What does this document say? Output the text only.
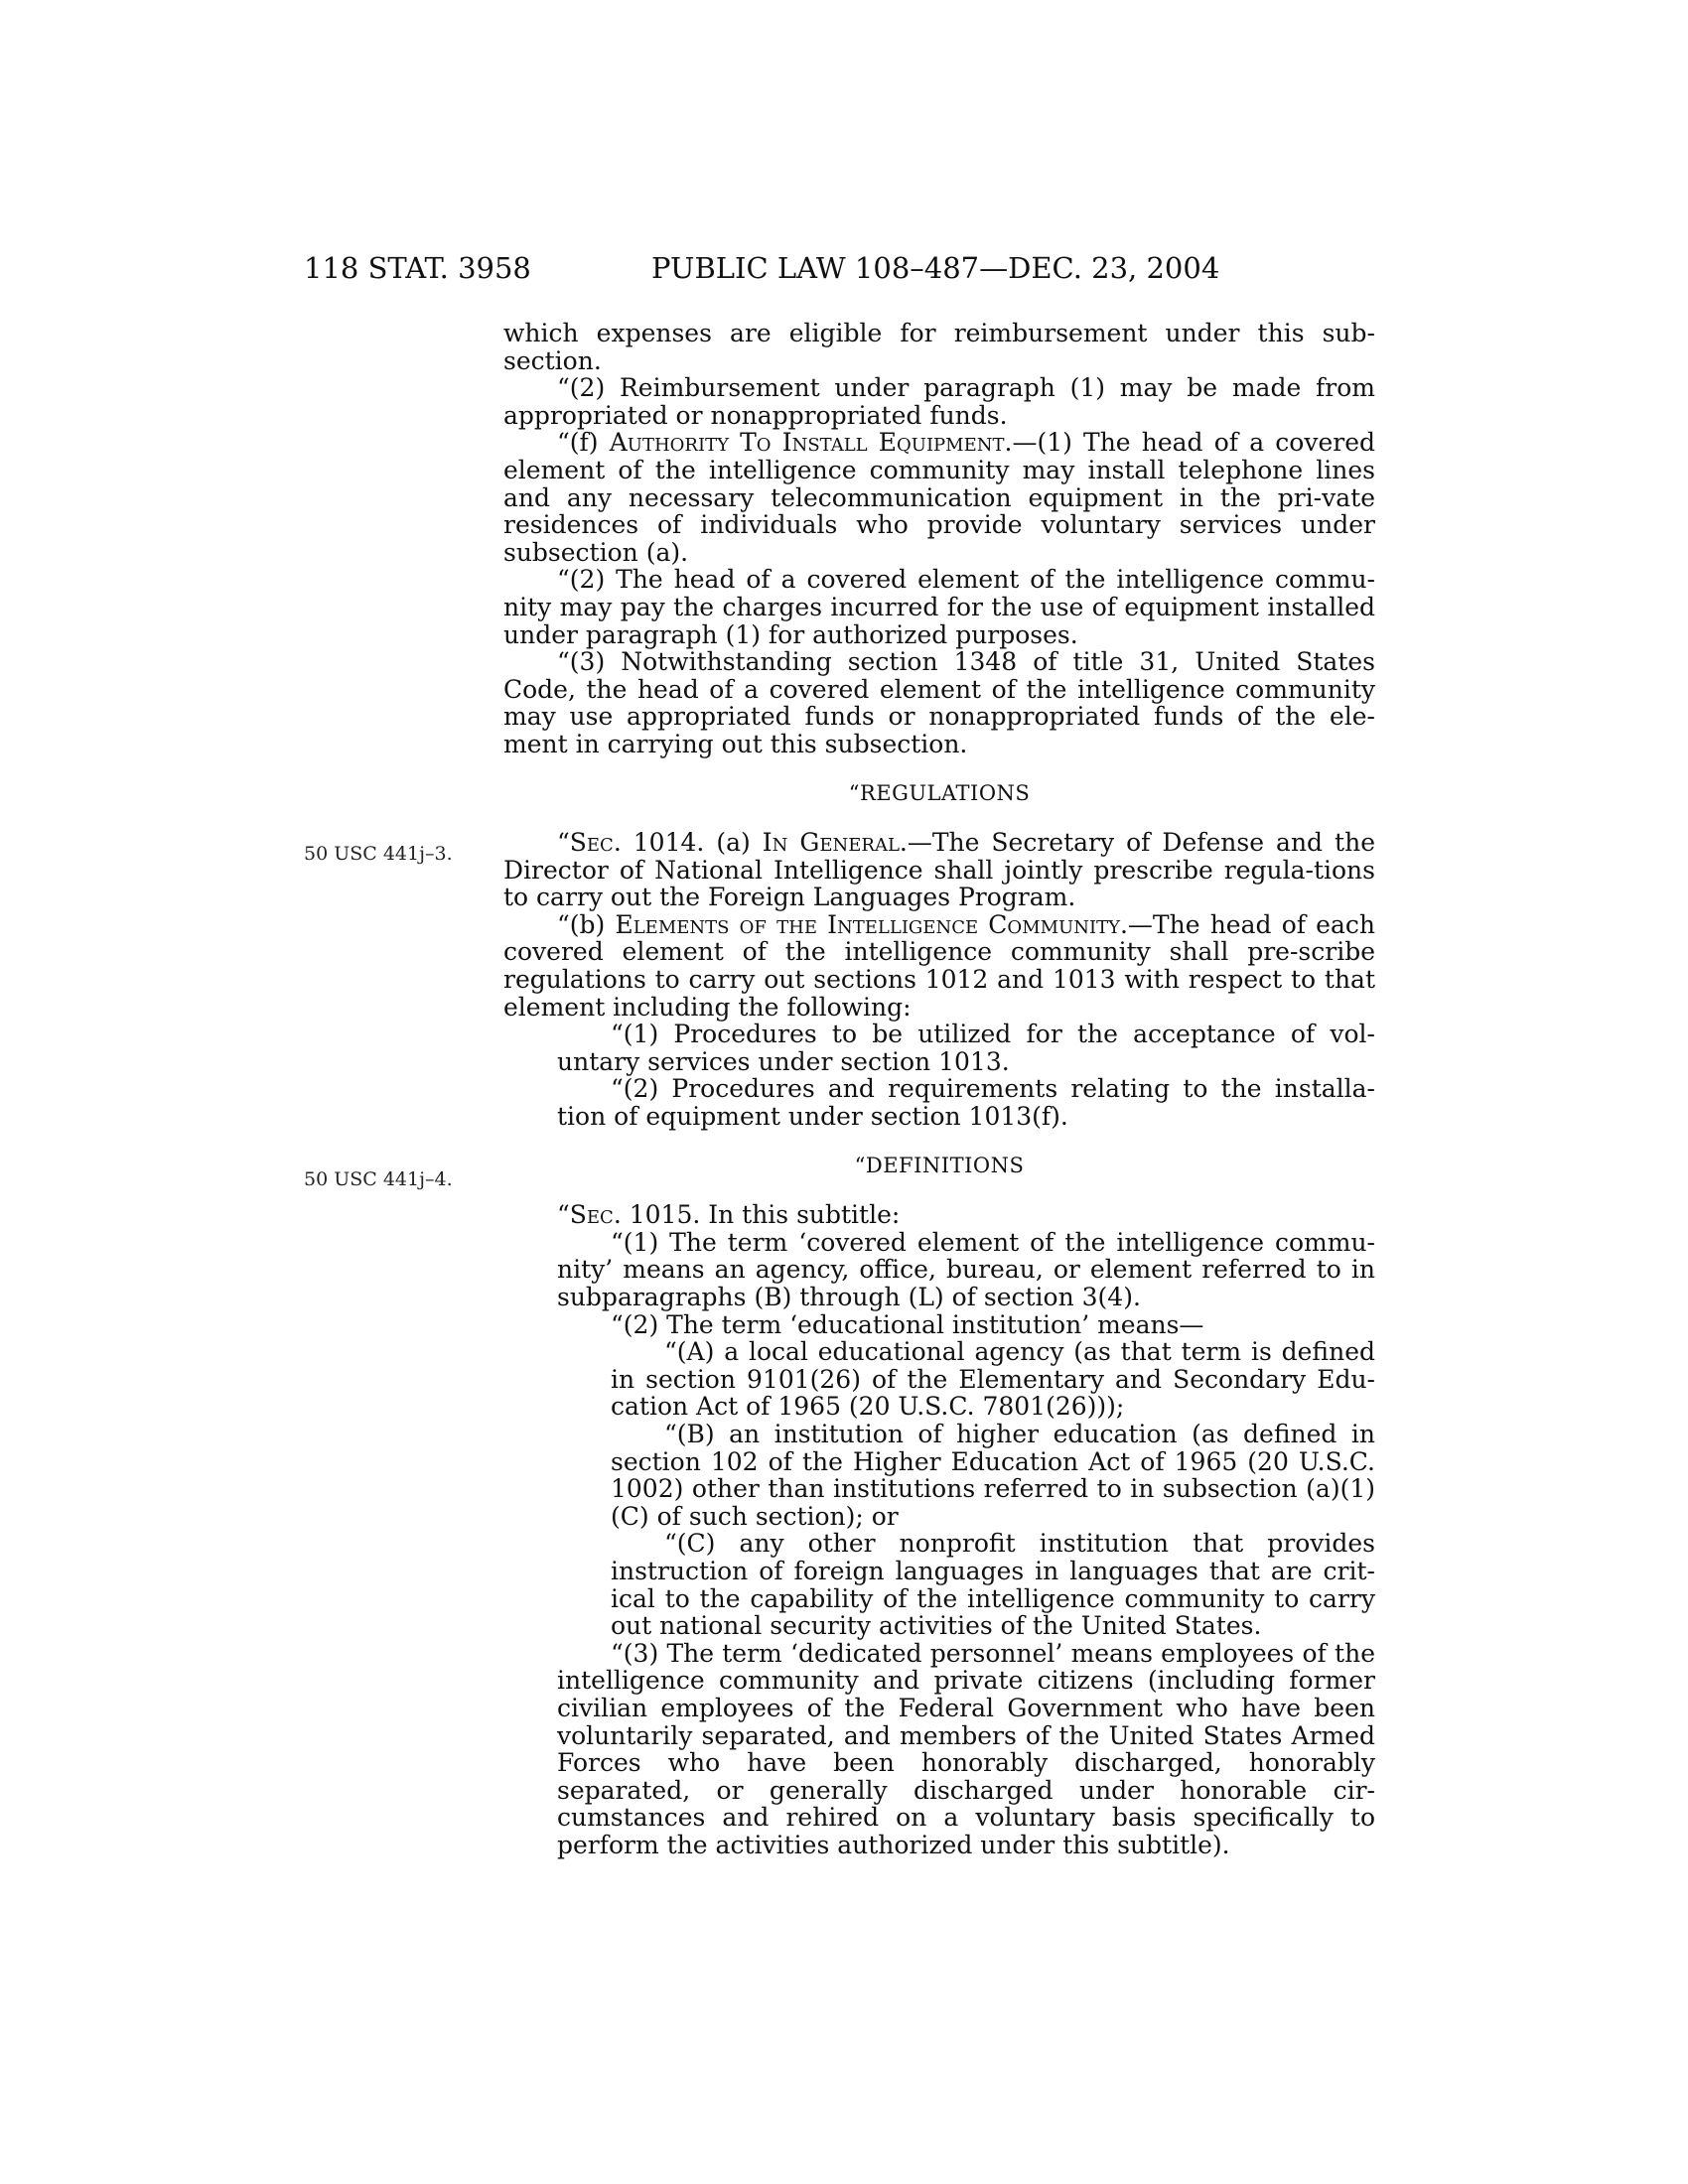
118 STAT. 3958	PUBLIC LAW 108–487—DEC. 23, 2004
50 USC 441j–3.
50 USC 441j–4.

which expenses are eligible for reimbursement under this sub-section.

“(2) Reimbursement under paragraph (1) may be made from appropriated or nonappropriated funds.

“(f) Authority To Install Equipment.—(1) The head of a covered element of the intelligence community may install telephone lines and any necessary telecommunication equipment in the pri-vate residences of individuals who provide voluntary services under subsection (a).

“(2) The head of a covered element of the intelligence commu-nity may pay the charges incurred for the use of equipment installed under paragraph (1) for authorized purposes.

“(3) Notwithstanding section 1348 of title 31, United States Code, the head of a covered element of the intelligence community may use appropriated funds or nonappropriated funds of the ele-ment in carrying out this subsection.

“REGULATIONS

“Sec. 1014. (a) In General.—The Secretary of Defense and the Director of National Intelligence shall jointly prescribe regula-tions to carry out the Foreign Languages Program.

“(b) Elements of the Intelligence Community.—The head of each covered element of the intelligence community shall pre-scribe regulations to carry out sections 1012 and 1013 with respect to that element including the following:

“(1) Procedures to be utilized for the acceptance of vol-untary services under section 1013.

“(2) Procedures and requirements relating to the installa-tion of equipment under section 1013(f).

“DEFINITIONS

“Sec. 1015. In this subtitle:

“(1) The term ‘covered element of the intelligence commu-nity’ means an agency, office, bureau, or element referred to in subparagraphs (B) through (L) of section 3(4).

“(2) The term ‘educational institution’ means—

“(A) a local educational agency (as that term is defined in section 9101(26) of the Elementary and Secondary Edu-cation Act of 1965 (20 U.S.C. 7801(26)));

“(B) an institution of higher education (as defined in section 102 of the Higher Education Act of 1965 (20 U.S.C. 1002) other than institutions referred to in subsection (a)(1)(C) of such section); or

“(C) any other nonprofit institution that provides instruction of foreign languages in languages that are crit-ical to the capability of the intelligence community to carry out national security activities of the United States.

“(3) The term ‘dedicated personnel’ means employees of the intelligence community and private citizens (including former civilian employees of the Federal Government who have been voluntarily separated, and members of the United States Armed Forces who have been honorably discharged, honorably separated, or generally discharged under honorable cir-cumstances and rehired on a voluntary basis specifically to perform the activities authorized under this subtitle).
